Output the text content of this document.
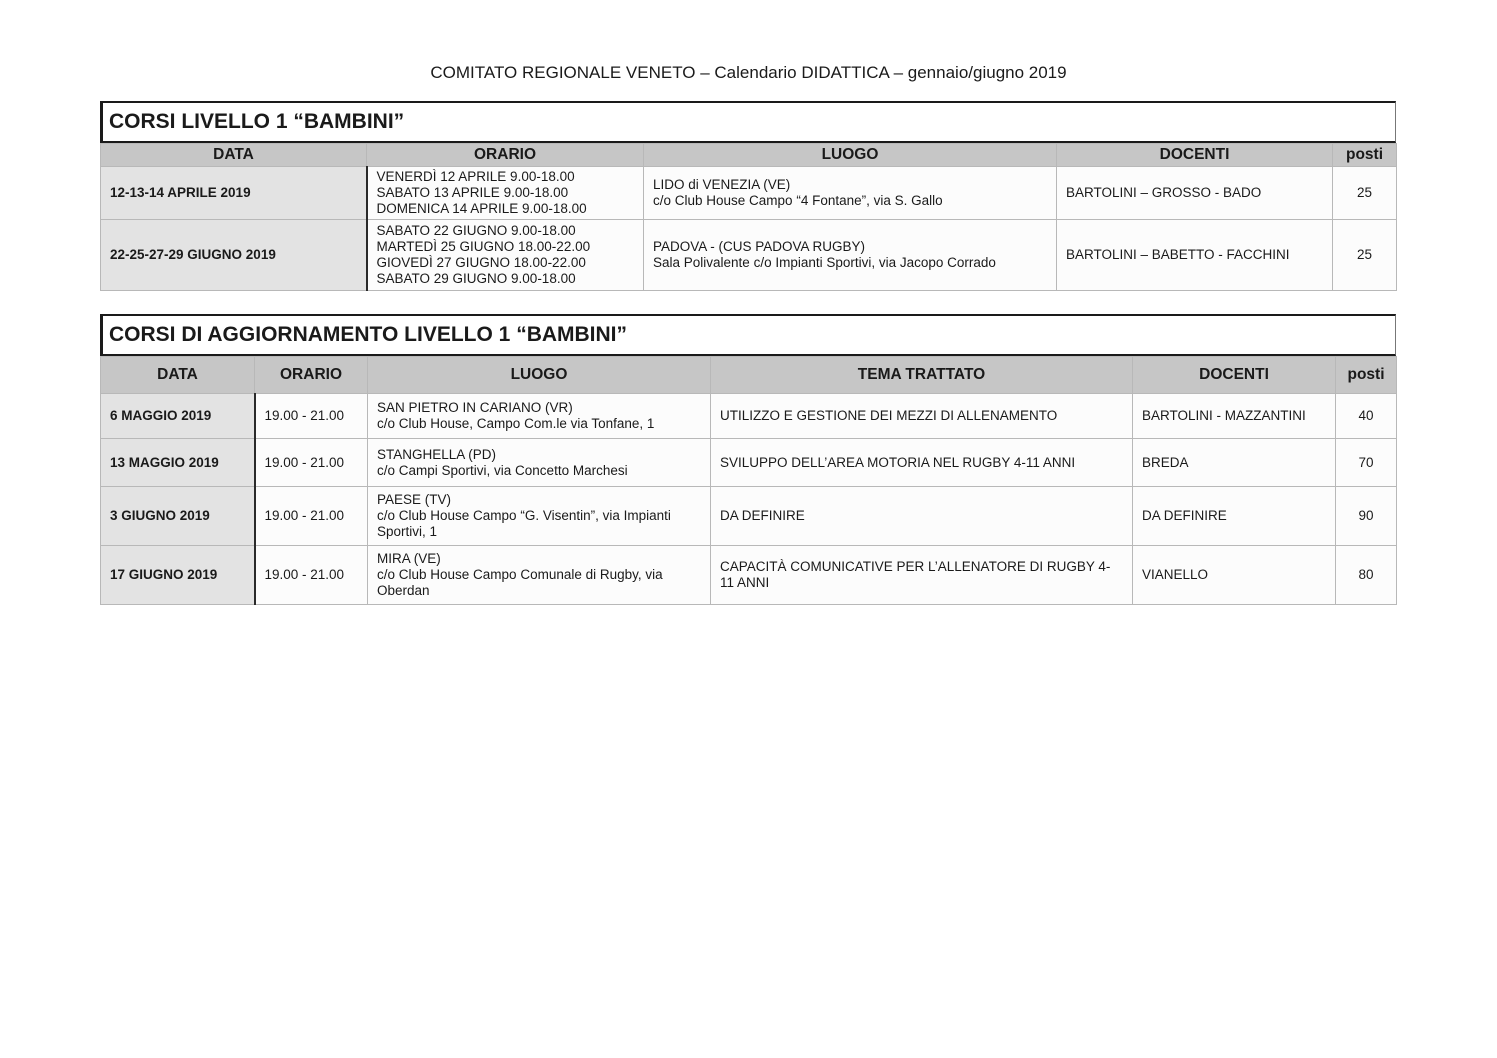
COMITATO REGIONALE VENETO – Calendario DIDATTICA – gennaio/giugno 2019
CORSI LIVELLO 1 “BAMBINI”
DATA	ORARIO	LUOGO	DOCENTI	posti
12-13-14 APRILE 2019	VENERDÌ 12 APRILE 9.00-18.00
SABATO 13 APRILE 9.00-18.00
DOMENICA 14 APRILE 9.00-18.00	LIDO di VENEZIA (VE)
c/o Club House Campo “4 Fontane”, via S. Gallo	BARTOLINI – GROSSO - BADO	25
22-25-27-29 GIUGNO 2019	SABATO 22 GIUGNO 9.00-18.00
MARTEDÌ 25 GIUGNO 18.00-22.00
GIOVEDÌ 27 GIUGNO 18.00-22.00
SABATO 29 GIUGNO 9.00-18.00	PADOVA - (CUS PADOVA RUGBY)
Sala Polivalente c/o Impianti Sportivi, via Jacopo Corrado	BARTOLINI – BABETTO - FACCHINI	25
CORSI DI AGGIORNAMENTO LIVELLO 1 “BAMBINI”
DATA	ORARIO	LUOGO	TEMA TRATTATO	DOCENTI	posti
6 MAGGIO 2019	19.00 - 21.00	SAN PIETRO IN CARIANO (VR)
c/o Club House, Campo Com.le via Tonfane, 1	UTILIZZO E GESTIONE DEI MEZZI DI ALLENAMENTO	BARTOLINI - MAZZANTINI	40
13 MAGGIO 2019	19.00 - 21.00	STANGHELLA (PD)
c/o Campi Sportivi, via Concetto Marchesi	SVILUPPO DELL’AREA MOTORIA NEL RUGBY 4-11 ANNI	BREDA	70
3 GIUGNO 2019	19.00 - 21.00	PAESE (TV)
c/o Club House Campo “G. Visentin”, via Impianti
Sportivi, 1	DA DEFINIRE	DA DEFINIRE	90
17 GIUGNO 2019	19.00 - 21.00	MIRA (VE)
c/o Club House Campo Comunale di Rugby, via
Oberdan	CAPACITÀ COMUNICATIVE PER L’ALLENATORE DI RUGBY 4-11 ANNI	VIANELLO	80
